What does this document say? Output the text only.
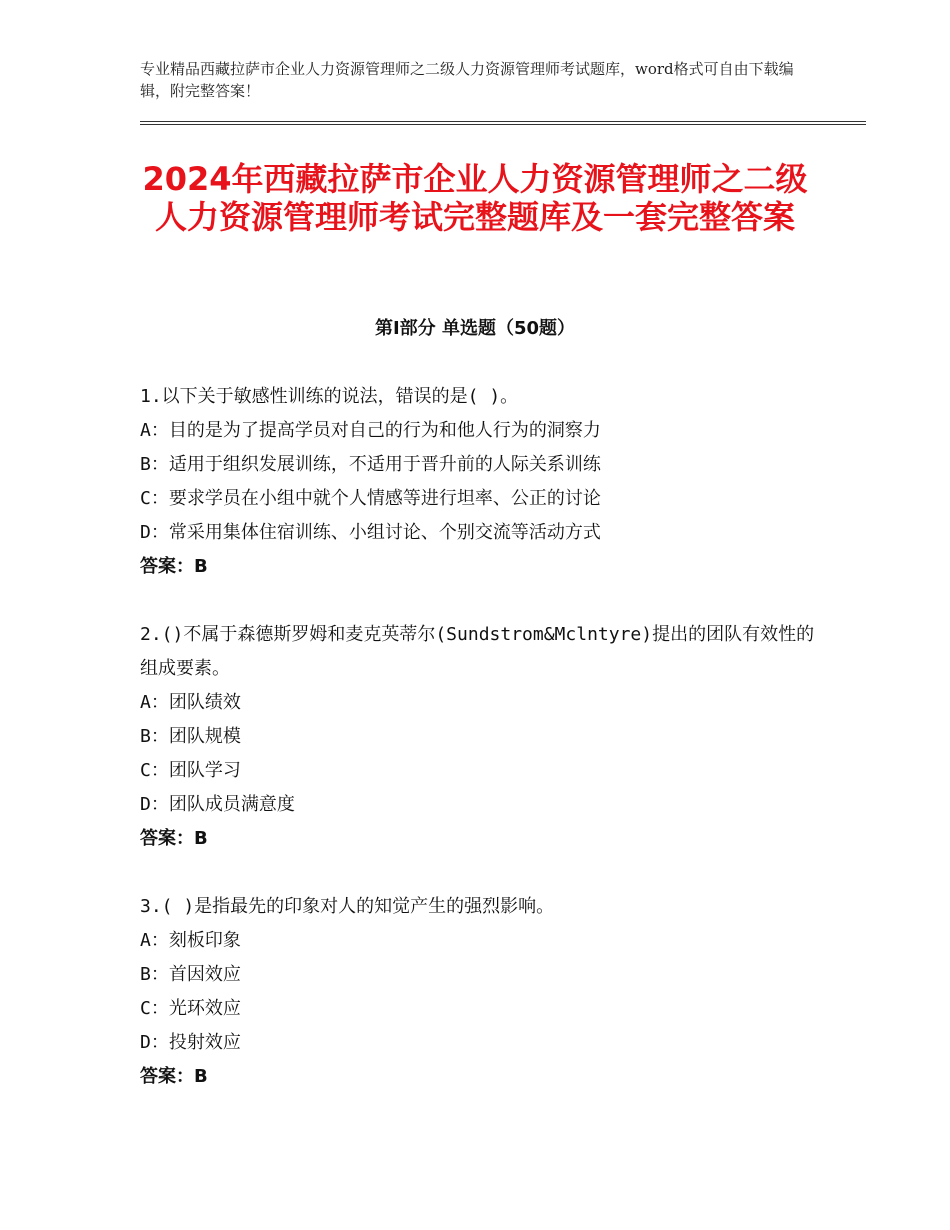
专业精品西藏拉萨市企业人力资源管理师之二级人力资源管理师考试题库，word格式可自由下载编辑，附完整答案！

2024年西藏拉萨市企业人力资源管理师之二级人力资源管理师考试完整题库及一套完整答案
第Ⅰ部分 单选题（50题）

1.以下关于敏感性训练的说法，错误的是( )。

A：目的是为了提高学员对自己的行为和他人行为的洞察力

B：适用于组织发展训练，不适用于晋升前的人际关系训练

C：要求学员在小组中就个人情感等进行坦率、公正的讨论

D：常采用集体住宿训练、小组讨论、个别交流等活动方式

答案：B

2.()不属于森德斯罗姆和麦克英蒂尔(Sundstrom&Mclntyre)提出的团队有效性的组成要素。

A：团队绩效

B：团队规模

C：团队学习

D：团队成员满意度

答案：B

3.( )是指最先的印象对人的知觉产生的强烈影响。

A：刻板印象

B：首因效应

C：光环效应

D：投射效应

答案：B
